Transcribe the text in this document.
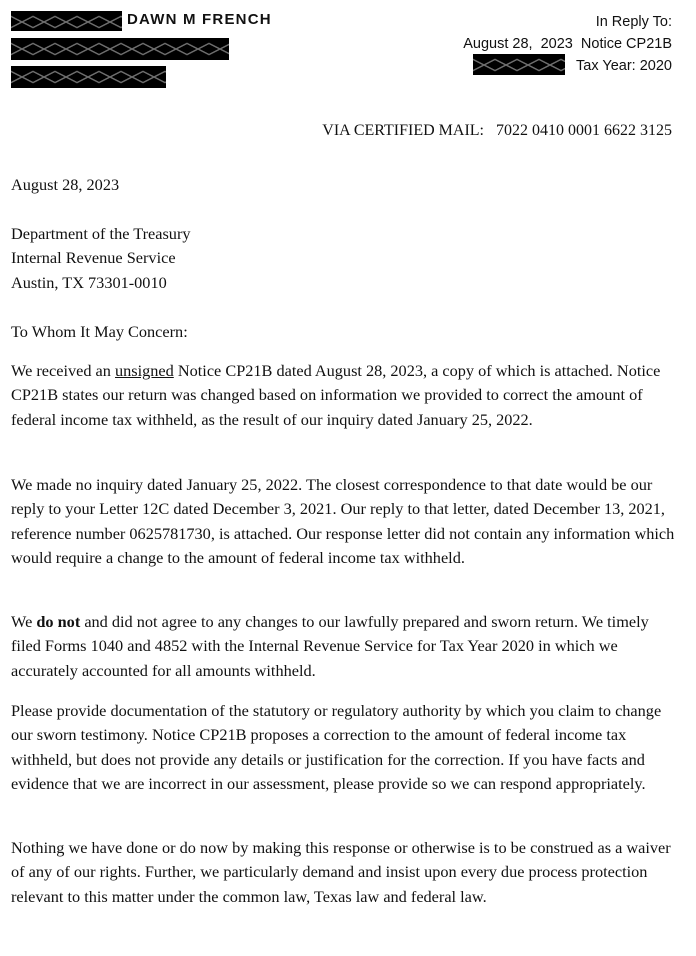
DAWN M FRENCH	In Reply To:
August 28,  2023  Notice CP21B
Tax Year: 2020
VIA CERTIFIED MAIL:   7022 0410 0001 6622 3125
August 28, 2023
Department of the Treasury
Internal Revenue Service
Austin, TX 73301-0010
To Whom It May Concern:
We received an unsigned Notice CP21B dated August 28, 2023, a copy of which is attached. Notice CP21B states our return was changed based on information we provided to correct the amount of federal income tax withheld, as the result of our inquiry dated January 25, 2022.
We made no inquiry dated January 25, 2022. The closest correspondence to that date would be our reply to your Letter 12C dated December 3, 2021. Our reply to that letter, dated December 13, 2021, reference number 0625781730, is attached. Our response letter did not contain any information which would require a change to the amount of federal income tax withheld.
We do not and did not agree to any changes to our lawfully prepared and sworn return. We timely filed Forms 1040 and 4852 with the Internal Revenue Service for Tax Year 2020 in which we accurately accounted for all amounts withheld.
Please provide documentation of the statutory or regulatory authority by which you claim to change our sworn testimony. Notice CP21B proposes a correction to the amount of federal income tax withheld, but does not provide any details or justification for the correction. If you have facts and evidence that we are incorrect in our assessment, please provide so we can respond appropriately.
Nothing we have done or do now by making this response or otherwise is to be construed as a waiver of any of our rights. Further, we particularly demand and insist upon every due process protection relevant to this matter under the common law, Texas law and federal law.
